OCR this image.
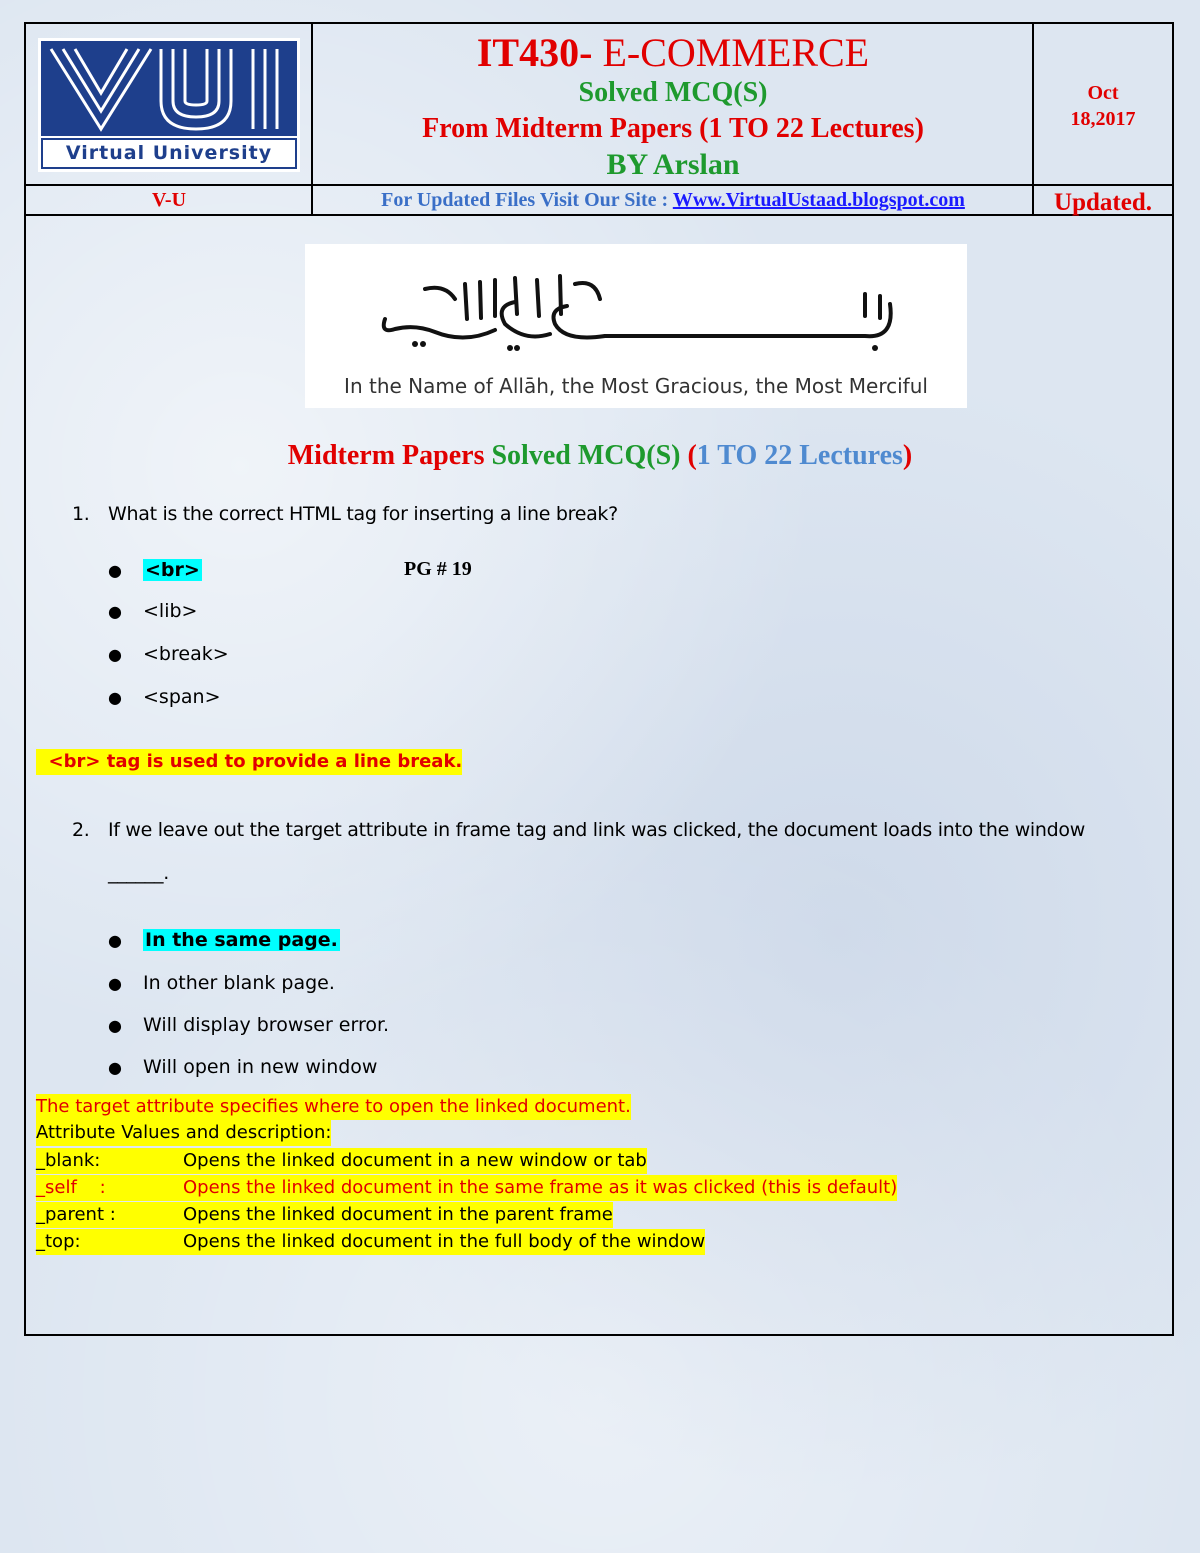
Virtual University
IT430- E-COMMERCE
Solved MCQ(S)
From Midterm Papers (1 TO 22 Lectures)
BY Arslan
Oct
18,2017
V-U	For Updated Files Visit Our Site : Www.VirtualUstaad.blogspot.com	Updated.
In the Name of Allāh, the Most Gracious, the Most Merciful
Midterm Papers Solved MCQ(S) (1 TO 22 Lectures)
1. What is the correct HTML tag for inserting a line break?
● <br>	PG # 19
● <lib>
● <break>
● <span>
<br> tag is used to provide a line break.
2. If we leave out the target attribute in frame tag and link was clicked, the document loads into the window
______.
● In the same page.
● In other blank page.
● Will display browser error.
● Will open in new window
The target attribute specifies where to open the linked document.
Attribute Values and description:
_blank:	Opens the linked document in a new window or tab
_self    :	Opens the linked document in the same frame as it was clicked (this is default)
_parent :	Opens the linked document in the parent frame
_top:	Opens the linked document in the full body of the window
